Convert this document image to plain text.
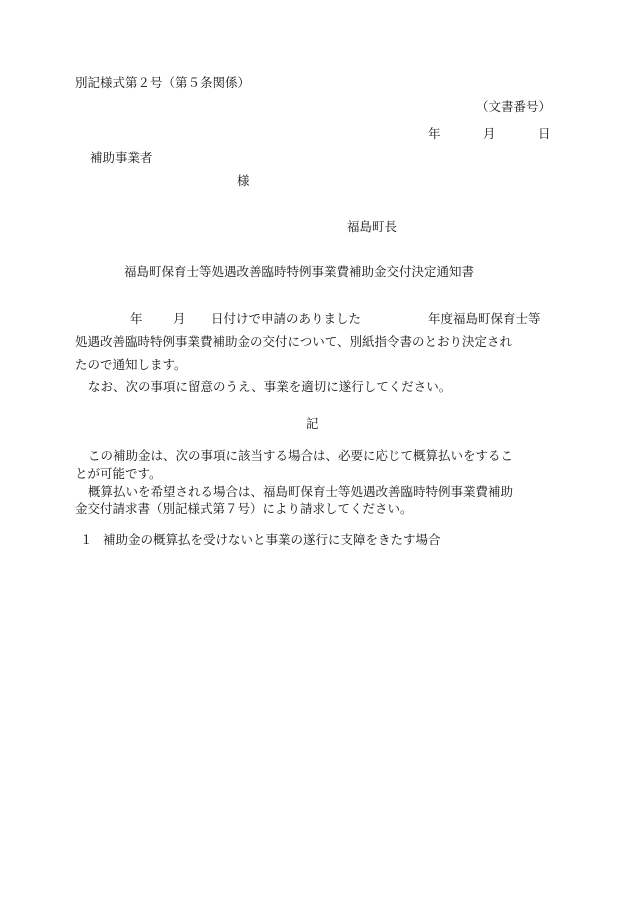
別記様式第２号（第５条関係）
（文書番号）
年	月	日
補助事業者
様
福島町長
福島町保育士等処遇改善臨時特例事業費補助金交付決定通知書
年 月 日付けで申請のありました	年度福島町保育士等
処遇改善臨時特例事業費補助金の交付について、別紙指令書のとおり決定され
たので通知します。
なお、次の事項に留意のうえ、事業を適切に遂行してください。
記
この補助金は、次の事項に該当する場合は、必要に応じて概算払いをするこ
とが可能です。
概算払いを希望される場合は、福島町保育士等処遇改善臨時特例事業費補助
金交付請求書（別記様式第７号）により請求してください。
１ 補助金の概算払を受けないと事業の遂行に支障をきたす場合
